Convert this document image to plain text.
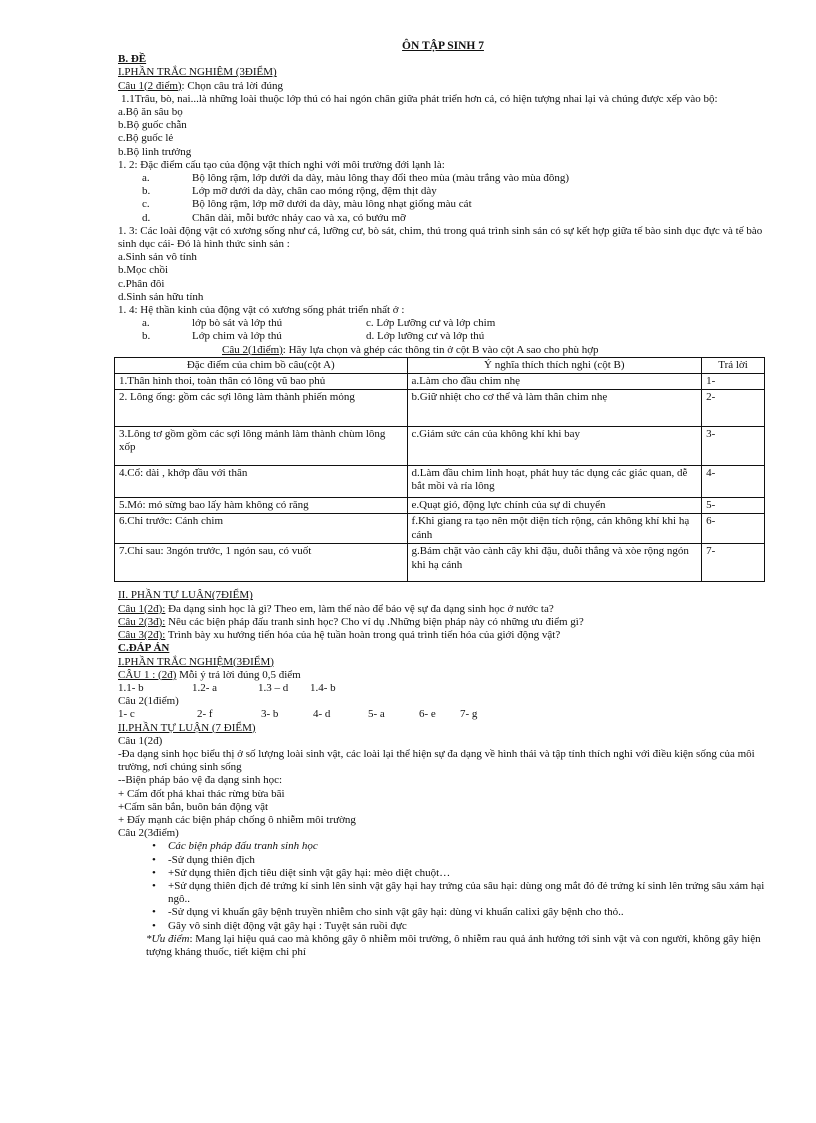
ÔN TẬP SINH 7
B. ĐỀ
I.PHẦN TRẮC NGHIỆM (3ĐIỂM)
Câu 1(2 điểm): Chọn câu trả lời đúng
1.1Trâu, bò, nai...là những loài thuộc lớp thú có hai ngón chân giữa phát triển hơn cả, có hiện tượng nhai lại và chúng được xếp vào bộ:
a.Bộ ăn sâu bọ
b.Bộ guốc chẵn
c.Bộ guốc lẻ
b.Bộ linh trưởng
1. 2: Đặc điểm cấu tạo của động vật thích nghi với môi trường đới lạnh là:
a.	Bộ lông rậm, lớp dưới da dày, màu lông thay đổi theo mùa (màu trắng vào mùa đông)
b.	Lớp mỡ dưới da dày, chân cao móng rộng, đệm thịt dày
c.	Bộ lông rậm, lớp mỡ dưới da dày, màu lông nhạt giống màu cát
d.	Chân dài, mỗi bước nhảy cao và xa, có bướu mỡ
1. 3: Các loài động vật có xương sống như cá, lưỡng cư, bò sát, chim, thú trong quá trình sinh sản có sự kết hợp giữa tế bào sinh dục đực và tế bào sinh dục cái- Đó là hình thức sinh sản :
a.Sinh sản vô tính
b.Mọc chồi
c.Phân đôi
d.Sinh sản hữu tính
1. 4: Hệ thần kinh của động vật có xương sống phát triển nhất ở :
a.	lớp bò sát và lớp thú	c. Lớp Lưỡng cư và lớp chim
b.	Lớp chim và lớp thú	d. Lớp lưỡng cư và lớp thú
Câu 2(1điểm): Hãy lựa chọn và ghép các thông tin ở cột B vào cột A sao cho phù hợp
Đặc điểm của chim bồ câu(cột A)	Ý nghĩa thích thích nghi (cột B)	Trả lời
1.Thân hình thoi, toàn thân có lông vũ bao phủ	a.Làm cho đầu chim nhẹ	1-
2. Lông ống: gồm các sợi lông làm thành phiến mỏng	b.Giữ nhiệt cho cơ thể và làm thân chim nhẹ	2-
3.Lông tơ gồm gồm các sợi lông mảnh làm thành chùm lông xốp	c.Giảm sức cản của không khí khi bay	3-
4.Cổ: dài , khớp đầu với thân	d.Làm đầu chim linh hoạt, phát huy tác dụng các giác quan, dễ bắt mồi và rỉa lông	4-
5.Mỏ: mỏ sừng bao lấy hàm không có răng	e.Quạt gió, động lực chính của sự di chuyển	5-
6.Chi trước: Cánh chim	f.Khi giang ra tạo nên một diện tích rộng, cản không khí khi hạ cánh	6-
7.Chi sau: 3ngón trước, 1 ngón sau, có vuốt	g.Bám chặt vào cành cây khi đậu, duỗi thẳng và xòe rộng ngón khi hạ cánh	7-
II. PHẦN TỰ LUẬN(7ĐIỂM)
Câu 1(2đ): Đa dạng sinh học là gì? Theo em, làm thế nào để bảo vệ sự đa dạng sinh học ở nước ta?
Câu 2(3đ): Nêu các biện pháp đấu tranh sinh học? Cho ví dụ .Những biện pháp này có những ưu điểm gì?
Câu 3(2đ): Trình bày xu hướng tiến hóa của hệ tuần hoàn trong quá trình tiến hóa của giới động vật?
C.ĐÁP ÁN
I.PHẦN TRẮC NGHIỆM(3ĐIỂM)
CÂU 1 : (2đ) Mỗi ý trả lời đúng 0,5 điểm
1.1- b	1.2- a	1.3 – d	1.4- b
Câu 2(1điểm)
1- c	2- f	3- b	4- d	5- a	6- e	7- g
II.PHẦN TỰ LUẬN (7 ĐIỂM)
Câu 1(2đ)
-Đa dạng sinh học biểu thị ở số lượng loài sinh vật, các loài lại thể hiện sự đa dạng về hình thái và tập tính thích nghi với điều kiện sống của môi trường, nơi chúng sinh sống
--Biện pháp bảo vệ đa dạng sinh học:
+ Cấm đốt phá khai thác rừng bừa bãi
+Cấm săn bắn, buôn bán động vật
+ Đẩy mạnh các biện pháp chống ô nhiễm môi trường
Câu 2(3điểm)
• Các biện pháp đấu tranh sinh học
• -Sử dụng thiên địch
• +Sử dụng thiên địch tiêu diệt sinh vật gây hại: mèo diệt chuột…
• +Sử dụng thiên địch đẻ trứng kí sinh lên sinh vật gây hại hay trứng của sâu hại: dùng ong mắt đỏ đẻ trứng kí sinh lên trứng sâu xám hại ngô..
• -Sử dụng vi khuẩn gây bệnh truyền nhiễm cho sinh vật gây hại: dùng vi khuẩn calixi gây bệnh cho thỏ..
• Gây vô sinh diệt động vật gây hại : Tuyệt sản ruồi đực
*Ưu điểm: Mang lại hiệu quả cao mà không gây ô nhiễm môi trường, ô nhiễm rau quả ảnh hưởng tới sinh vật và con người, không gây hiện tượng kháng thuốc, tiết kiệm chi phí
